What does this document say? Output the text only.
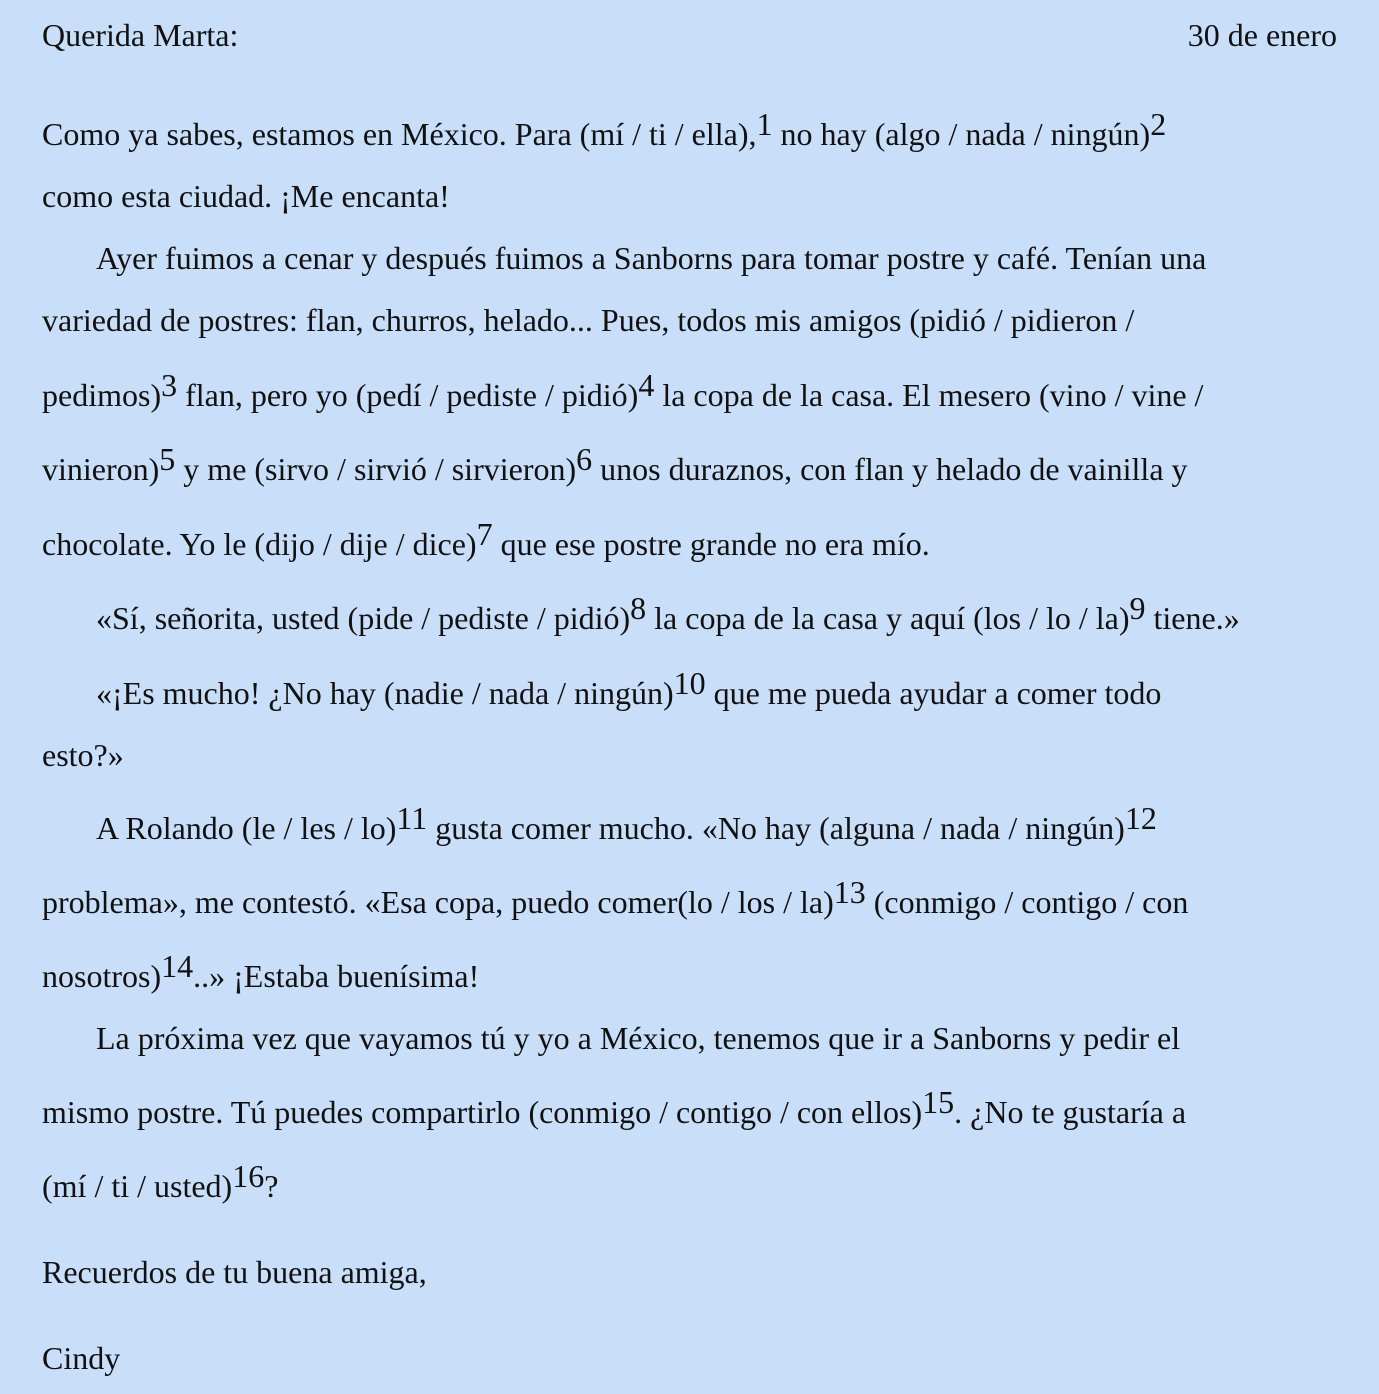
Querida Marta:	30 de enero
Como ya sabes, estamos en México. Para (mí / ti / ella),$^1$ no hay (algo / nada / ningún)$^2$
como esta ciudad. ¡Me encanta!
Ayer fuimos a cenar y después fuimos a Sanborns para tomar postre y café. Tenían una
variedad de postres: flan, churros, helado... Pues, todos mis amigos (pidió / pidieron /
pedimos)$^3$ flan, pero yo (pedí / pediste / pidió)$^4$ la copa de la casa. El mesero (vino / vine /
vinieron)$^5$ y me (sirvo / sirvió / sirvieron)$^6$ unos duraznos, con flan y helado de vainilla y
chocolate. Yo le (dijo / dije / dice)$^7$ que ese postre grande no era mío.
«Sí, señorita, usted (pide / pediste / pidió)$^8$ la copa de la casa y aquí (los / lo / la)$^9$ tiene.»
«¡Es mucho! ¿No hay (nadie / nada / ningún)$^{10}$ que me pueda ayudar a comer todo
esto?»
A Rolando (le / les / lo)$^{11}$ gusta comer mucho. «No hay (alguna / nada / ningún)$^{12}$
problema», me contestó. «Esa copa, puedo comer(lo / los / la)$^{13}$ (conmigo / contigo / con
nosotros)$^{14}$..» ¡Estaba buenísima!
La próxima vez que vayamos tú y yo a México, tenemos que ir a Sanborns y pedir el
mismo postre. Tú puedes compartirlo (conmigo / contigo / con ellos)$^{15}$. ¿No te gustaría a
(mí / ti / usted)$^{16}$?
Recuerdos de tu buena amiga,
Cindy
